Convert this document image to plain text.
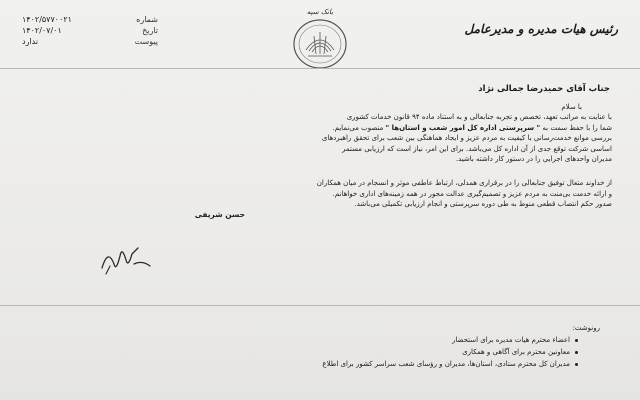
رئیس هیات مدیره و مدیرعامل
بانک سپه
شماره
۱۴۰۲/۵۷۷۰۰۲۱
تاریخ
۱۴۰۲/۰۷/۰۱
پیوست
ندارد
جناب آقای حمیدرضا جمالی نژاد
با سلام
با عنایت به مراتب تعهد، تخصص و تجربه جنابعالی و به استناد ماده ۹۴ قانون خدمات کشوری
شما را با حفظ سمت به " سرپرستی اداره کل امور شعب و استان‌ها " منصوب می‌نمایم.
بررسی موانع خدمت‌رسانی با کیفیت به مردم عزیز و ایجاد هماهنگی بین شعب برای تحقق راهبردهای
اساسی شرکت توقع جدی از آن اداره کل می‌باشد. برای این امر، نیاز است که ارزیابی مستمر
مدیران واحدهای اجرایی را در دستور کار داشته باشید.
از خداوند متعال توفیق جنابعالی را در برقراری همدلی، ارتباط عاطفی موثر و انسجام در میان همکاران
و ارائه خدمت بی‌منت به مردم عزیز و تصمیم‌گیری عدالت محور در همه زمینه‌های اداری خواهانم.
صدور حکم انتصاب قطعی منوط به طی دوره سرپرستی و انجام ارزیابی تکمیلی می‌باشد.
حسن شریفی
رونوشت:
اعضاء محترم هیات مدیره برای استحضار
معاونین محترم برای آگاهی و همکاری
مدیران کل محترم ستادی، استان‌ها، مدیران و رؤسای شعب سراسر کشور برای اطلاع
